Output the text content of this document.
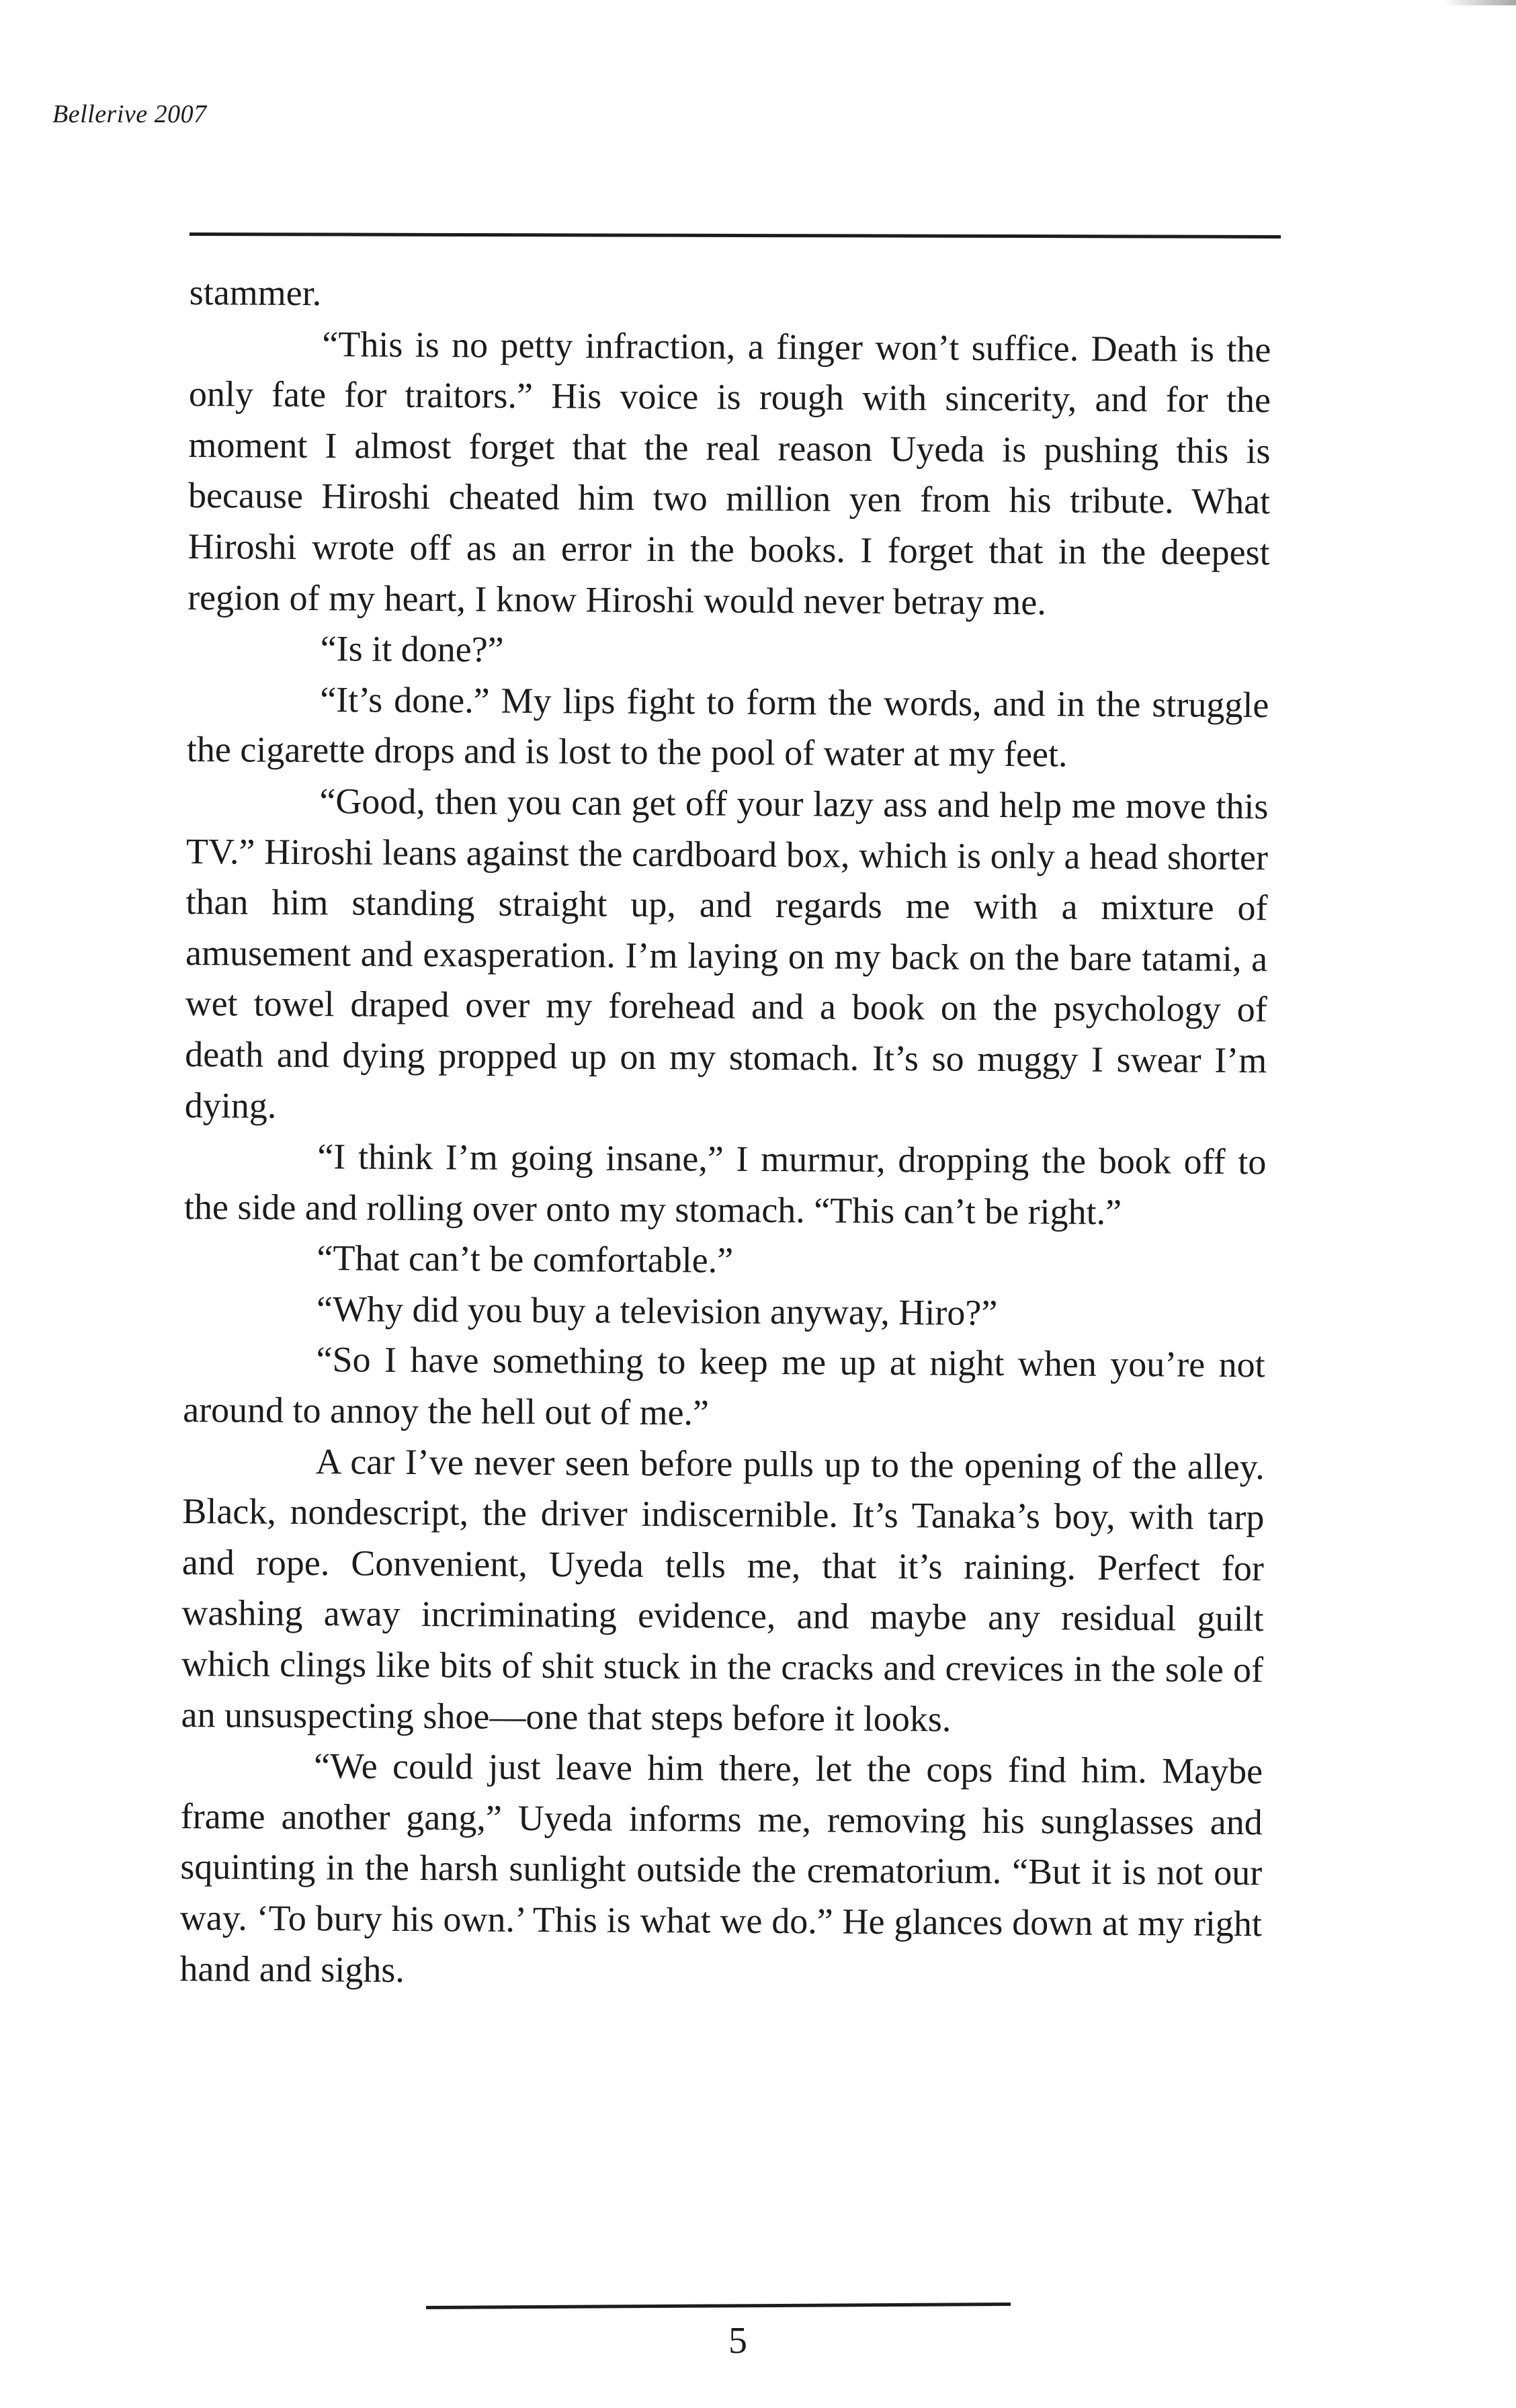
Bellerive 2007

stammer.

“This is no petty infraction, a finger won’t suffice. Death is the only fate for traitors.” His voice is rough with sincerity, and for the moment I almost forget that the real reason Uyeda is pushing this is because Hiroshi cheated him two million yen from his tribute. What Hiroshi wrote off as an error in the books. I forget that in the deepest region of my heart, I know Hiroshi would never betray me.

“Is it done?”

“It’s done.” My lips fight to form the words, and in the struggle the cigarette drops and is lost to the pool of water at my feet.

“Good, then you can get off your lazy ass and help me move this TV.” Hiroshi leans against the cardboard box, which is only a head shorter than him standing straight up, and regards me with a mixture of amusement and exasperation. I’m laying on my back on the bare tatami, a wet towel draped over my forehead and a book on the psychology of death and dying propped up on my stomach. It’s so muggy I swear I’m dying.

“I think I’m going insane,” I murmur, dropping the book off to the side and rolling over onto my stomach. “This can’t be right.”

“That can’t be comfortable.”

“Why did you buy a television anyway, Hiro?”

“So I have something to keep me up at night when you’re not around to annoy the hell out of me.”

A car I’ve never seen before pulls up to the opening of the alley. Black, nondescript, the driver indiscernible. It’s Tanaka’s boy, with tarp and rope. Convenient, Uyeda tells me, that it’s raining. Perfect for washing away incriminating evidence, and maybe any residual guilt which clings like bits of shit stuck in the cracks and crevices in the sole of an unsuspecting shoe—one that steps before it looks.

“We could just leave him there, let the cops find him. Maybe frame another gang,” Uyeda informs me, removing his sunglasses and squinting in the harsh sunlight outside the crematorium. “But it is not our way. ‘To bury his own.’ This is what we do.” He glances down at my right hand and sighs.

5
